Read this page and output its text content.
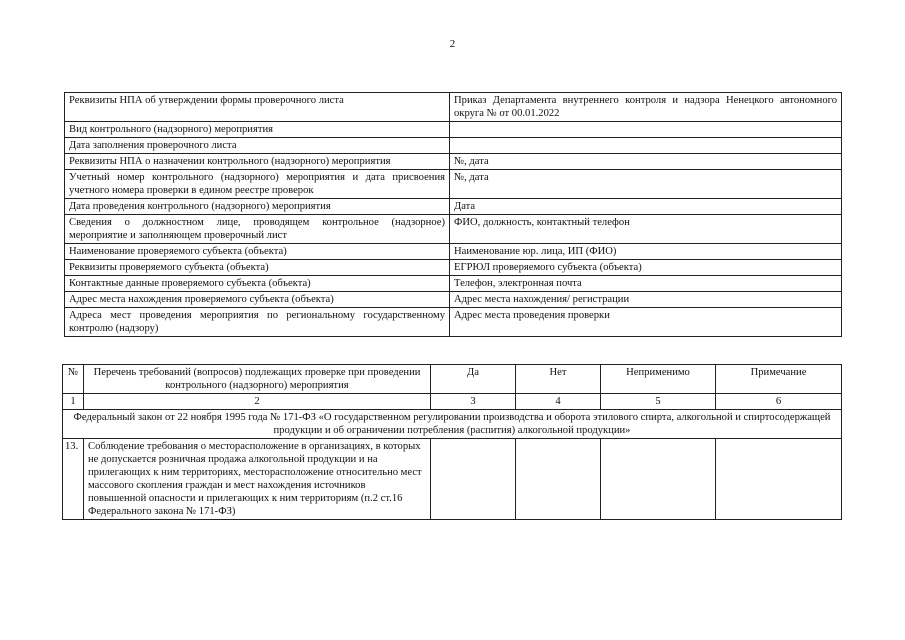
2
Реквизиты НПА об утверждении формы проверочного листа	Приказ Департамента внутреннего контроля и надзора Ненецкого автономного округа № от 00.01.2022
Вид контрольного (надзорного) мероприятия	
Дата заполнения проверочного листа	
Реквизиты НПА о назначении контрольного (надзорного) мероприятия	№, дата
Учетный номер контрольного (надзорного) мероприятия и дата присвоения учетного номера проверки в едином реестре проверок	№, дата
Дата проведения контрольного (надзорного) мероприятия	Дата
Сведения о должностном лице, проводящем контрольное (надзорное) мероприятие и заполняющем проверочный лист	ФИО, должность, контактный телефон
Наименование проверяемого субъекта (объекта)	Наименование юр. лица, ИП (ФИО)
Реквизиты проверяемого субъекта (объекта)	ЕГРЮЛ проверяемого субъекта (объекта)
Контактные данные проверяемого субъекта (объекта)	Телефон, электронная почта
Адрес места нахождения проверяемого субъекта (объекта)	Адрес места нахождения/ регистрации
Адреса мест проведения мероприятия по региональному государственному контролю (надзору)	Адрес места проведения проверки
№	Перечень требований (вопросов) подлежащих проверке при проведении контрольного (надзорного) мероприятия	Да	Нет	Неприменимо	Примечание
1	2	3	4	5	6
Федеральный закон от 22 ноября 1995 года № 171-ФЗ «О государственном регулировании производства и оборота этилового спирта, алкогольной и спиртосодержащей продукции и об ограничении потребления (распития) алкогольной продукции»					
13.	Соблюдение требования о месторасположение в организациях, в которых не допускается розничная продажа алкогольной продукции и на прилегающих к ним территориях, месторасположение относительно мест массового скопления граждан и мест нахождения источников повышенной опасности и прилегающих к ним территориям (п.2 ст.16 Федерального закона № 171-ФЗ)				
